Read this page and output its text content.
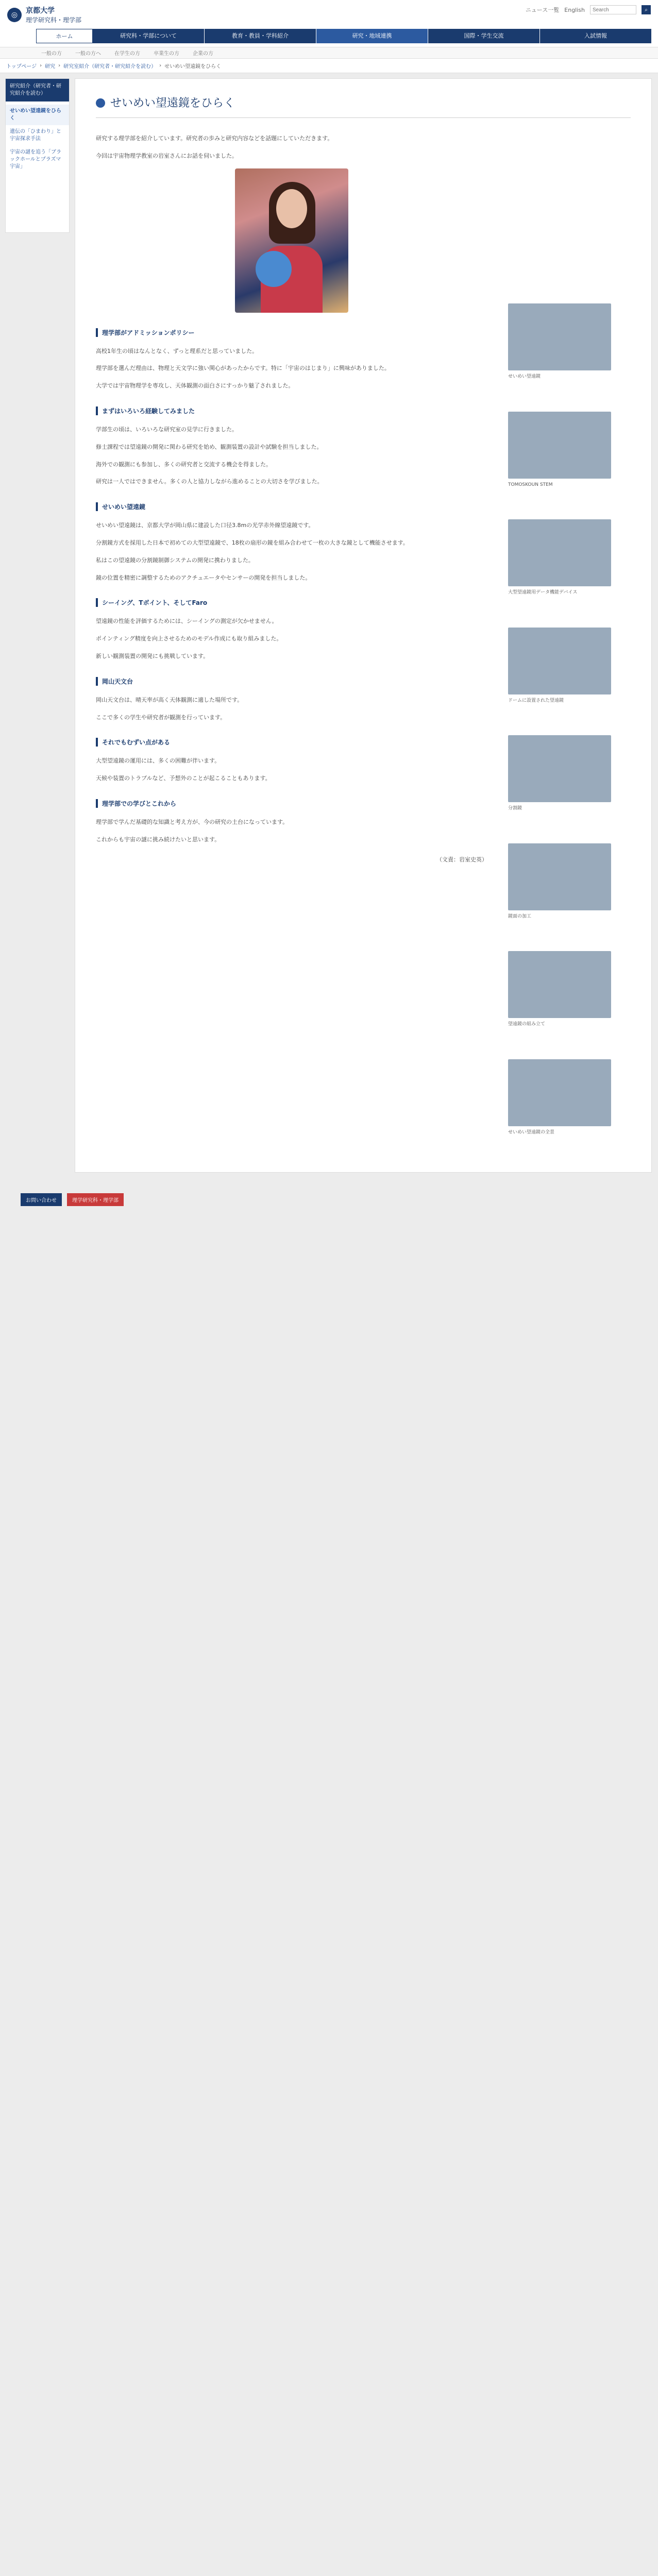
◎	京都大学
理学研究科・理学部
ニュース一覧 English
Search	⌕
ホーム	研究科・学部について	教育・教員・学科紹介	研究・地域連携	国際・学生交流	入試情報
一般の方	一般の方へ	在学生の方	卒業生の方	企業の方
トップページ › 研究 › 研究室紹介（研究者・研究紹介を読む） › せいめい望遠鏡をひらく
研究紹介（研究者・研究紹介を読む）
せいめい望遠鏡をひらく
遺伝の「ひまわり」と宇宙探求手法
宇宙の謎を追う「ブラックホールとプラズマ宇宙」
せいめい望遠鏡をひらく

研究する理学部を紹介しています。研究者の歩みと研究内容などを話題にしていただきます。

今回は宇宙物理学教室の岩室さんにお話を伺いました。

理学部がアドミッションポリシー

高校1年生の頃はなんとなく、ずっと理系だと思っていました。

理学部を選んだ理由は、物理と天文学に強い関心があったからです。特に「宇宙のはじまり」に興味がありました。

大学では宇宙物理学を専攻し、天体観測の面白さにすっかり魅了されました。

まずはいろいろ経験してみました

学部生の頃は、いろいろな研究室の見学に行きました。

修士課程では望遠鏡の開発に関わる研究を始め、観測装置の設計や試験を担当しました。

海外での観測にも参加し、多くの研究者と交流する機会を得ました。

研究は一人ではできません。多くの人と協力しながら進めることの大切さを学びました。

せいめい望遠鏡

せいめい望遠鏡は、京都大学が岡山県に建設した口径3.8mの光学赤外線望遠鏡です。

分割鏡方式を採用した日本で初めての大型望遠鏡で、18枚の扇形の鏡を組み合わせて一枚の大きな鏡として機能させます。

私はこの望遠鏡の分割鏡制御システムの開発に携わりました。

鏡の位置を精密に調整するためのアクチュエータやセンサーの開発を担当しました。

シーイング、Tボイント、そしてFaro

望遠鏡の性能を評価するためには、シーイングの測定が欠かせません。

ポインティング精度を向上させるためのモデル作成にも取り組みました。

新しい観測装置の開発にも挑戦しています。

岡山天文台

岡山天文台は、晴天率が高く天体観測に適した場所です。

ここで多くの学生や研究者が観測を行っています。

それでもむずい点がある

大型望遠鏡の運用には、多くの困難が伴います。

天候や装置のトラブルなど、予想外のことが起こることもあります。

理学部での学びとこれから

理学部で学んだ基礎的な知識と考え方が、今の研究の土台になっています。

これからも宇宙の謎に挑み続けたいと思います。

（文責：岩室史英）
せいめい望遠鏡
TOMOSKOUN STEM
大型望遠鏡用データ機能デバイス
ドームに設置された望遠鏡
分割鏡
鏡面の加工
望遠鏡の組み立て
せいめい望遠鏡の全景
お問い合わせ	理学研究科・理学部
